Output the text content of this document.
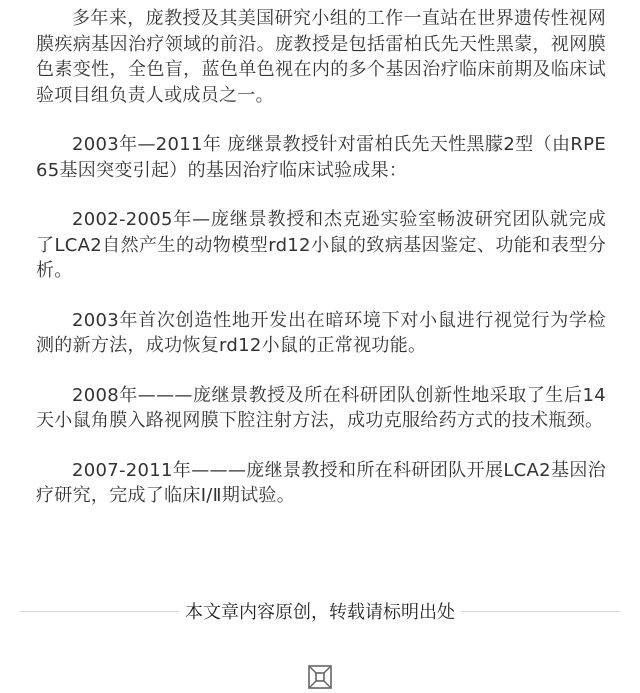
多年来，庞教授及其美国研究小组的工作一直站在世界遗传性视网膜疾病基因治疗领域的前沿。庞教授是包括雷柏氏先天性黑蒙，视网膜色素变性，全色盲，蓝色单色视在内的多个基因治疗临床前期及临床试验项目组负责人或成员之一。

2003年—2011年 庞继景教授针对雷柏氏先天性黑朦2型（由RPE65基因突变引起）的基因治疗临床试验成果：

2002-2005年—庞继景教授和杰克逊实验室畅波研究团队就完成了LCA2自然产生的动物模型rd12小鼠的致病基因鉴定、功能和表型分析。

2003年首次创造性地开发出在暗环境下对小鼠进行视觉行为学检测的新方法，成功恢复rd12小鼠的正常视功能。

2008年———庞继景教授及所在科研团队创新性地采取了生后14天小鼠角膜入路视网膜下腔注射方法，成功克服给药方式的技术瓶颈。

2007-2011年———庞继景教授和所在科研团队开展LCA2基因治疗研究，完成了临床Ⅰ/Ⅱ期试验。

本文章内容原创，转载请标明出处
